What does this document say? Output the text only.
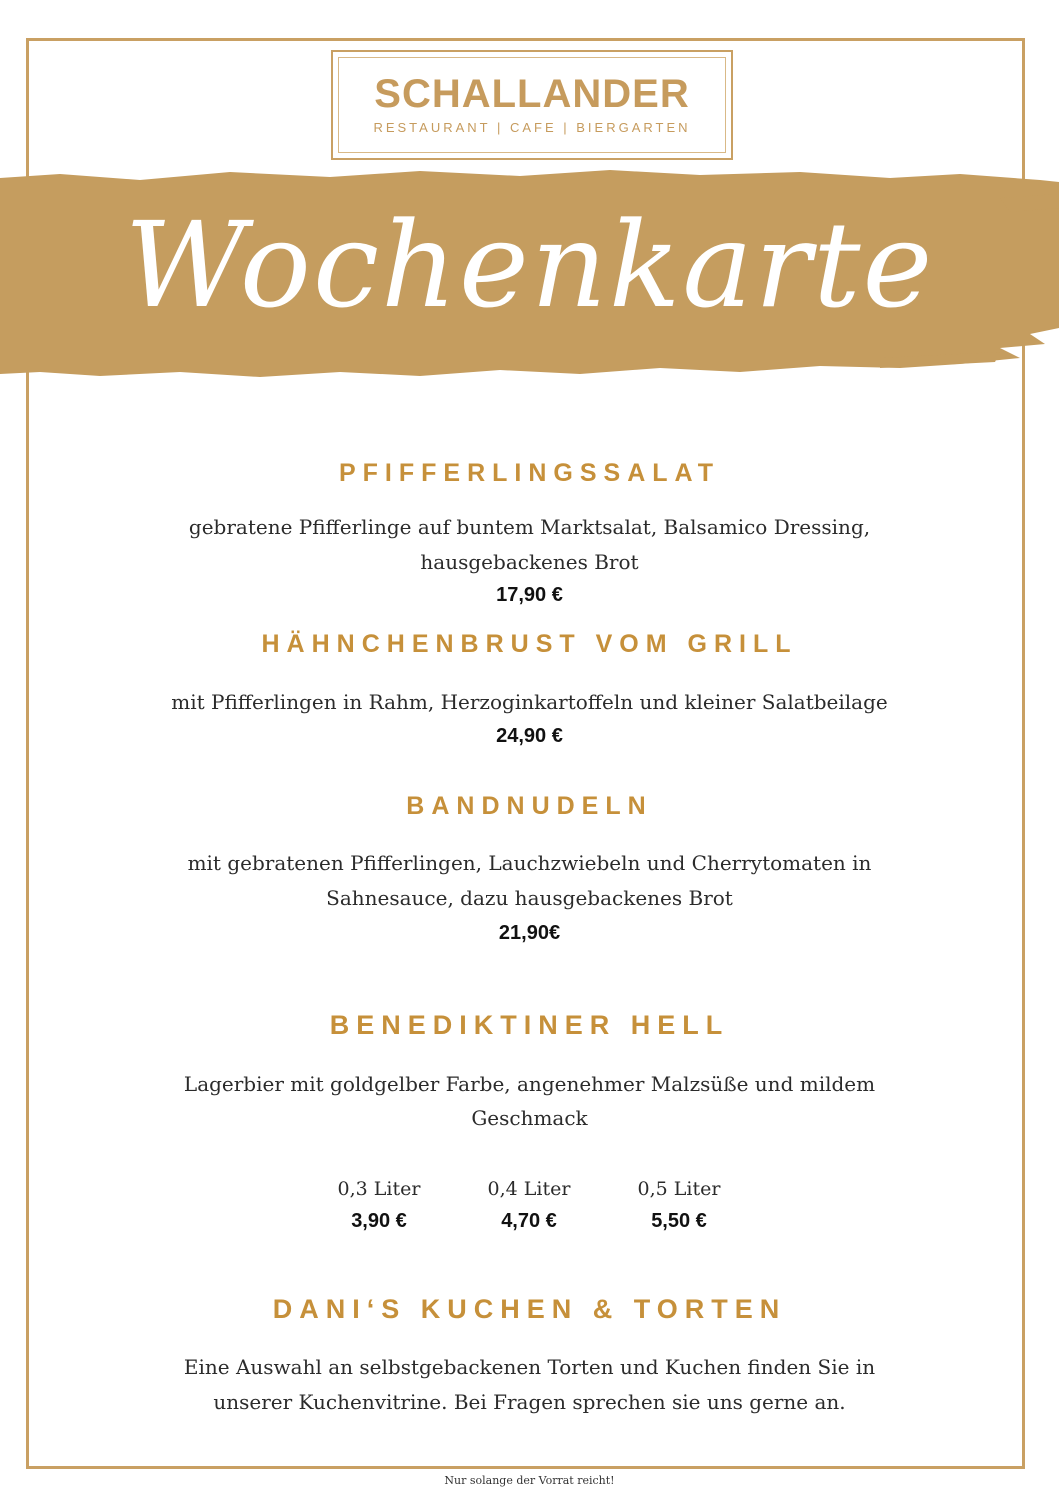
SCHALLANDER
RESTAURANT | CAFE | BIERGARTEN
Wochenkarte
PFIFFERLINGSSALAT
gebratene Pfifferlinge auf buntem Marktsalat, Balsamico Dressing,
hausgebackenes Brot
17,90 €
HÄHNCHENBRUST VOM GRILL
mit Pfifferlingen in Rahm, Herzoginkartoffeln und kleiner Salatbeilage
24,90 €
BANDNUDELN
mit gebratenen Pfifferlingen, Lauchzwiebeln und Cherrytomaten in
Sahnesauce, dazu hausgebackenes Brot
21,90€
BENEDIKTINER HELL
Lagerbier mit goldgelber Farbe, angenehmer Malzsüße und mildem
Geschmack
0,3 Liter
3,90 €
0,4 Liter
4,70 €
0,5 Liter
5,50 €
DANI‘S KUCHEN & TORTEN
Eine Auswahl an selbstgebackenen Torten und Kuchen finden Sie in
unserer Kuchenvitrine. Bei Fragen sprechen sie uns gerne an.
Nur solange der Vorrat reicht!
